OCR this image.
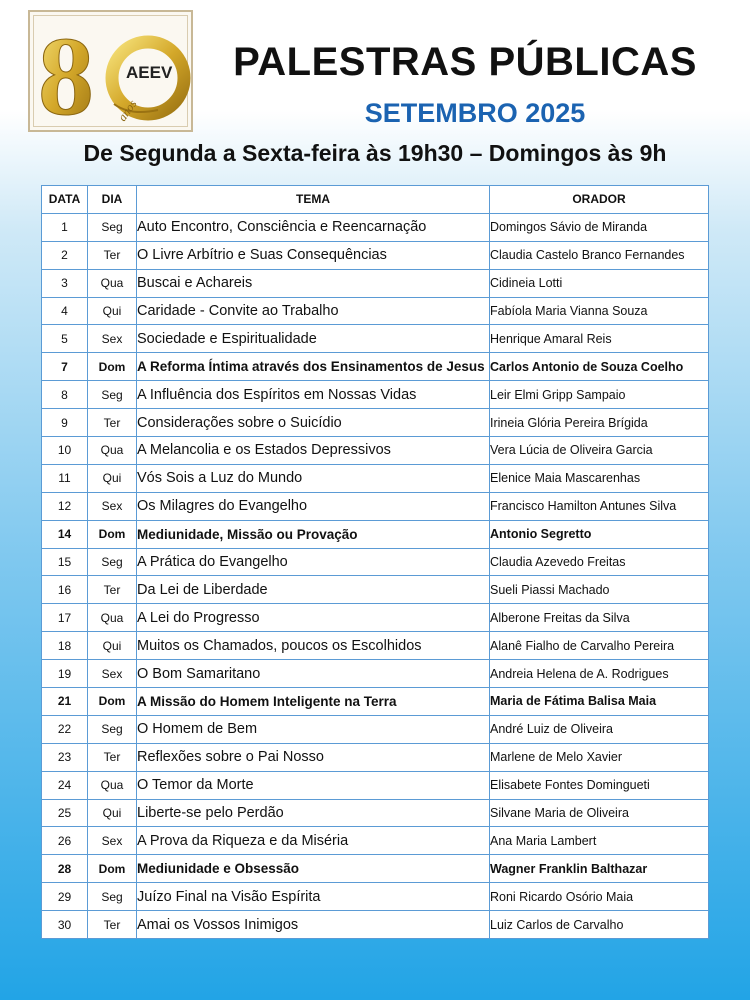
8 AEEV
anos
PALESTRAS PÚBLICAS
SETEMBRO 2025
De Segunda a Sexta-feira às 19h30 – Domingos às 9h
DATA	DIA	TEMA	ORADOR
1	Seg	Auto Encontro, Consciência e Reencarnação	Domingos Sávio de Miranda
2	Ter	O Livre Arbítrio e Suas Consequências	Claudia Castelo Branco Fernandes
3	Qua	Buscai e Achareis	Cidineia Lotti
4	Qui	Caridade - Convite ao Trabalho	Fabíola Maria Vianna Souza
5	Sex	Sociedade e Espiritualidade	Henrique Amaral Reis
7	Dom	A Reforma Íntima através dos Ensinamentos de Jesus	Carlos Antonio de Souza Coelho
8	Seg	A Influência dos Espíritos em Nossas Vidas	Leir Elmi Gripp Sampaio
9	Ter	Considerações sobre o Suicídio	Irineia Glória Pereira Brígida
10	Qua	A Melancolia e os Estados Depressivos	Vera Lúcia de Oliveira Garcia
11	Qui	Vós Sois a Luz do Mundo	Elenice Maia Mascarenhas
12	Sex	Os Milagres do Evangelho	Francisco Hamilton Antunes Silva
14	Dom	Mediunidade, Missão ou Provação	Antonio Segretto
15	Seg	A Prática do Evangelho	Claudia Azevedo Freitas
16	Ter	Da Lei de Liberdade	Sueli Piassi Machado
17	Qua	A Lei do Progresso	Alberone Freitas da Silva
18	Qui	Muitos os Chamados, poucos os Escolhidos	Alanê Fialho de Carvalho Pereira
19	Sex	O Bom Samaritano	Andreia Helena de A. Rodrigues
21	Dom	A Missão do Homem Inteligente na Terra	Maria de Fátima Balisa Maia
22	Seg	O Homem de Bem	André Luiz de Oliveira
23	Ter	Reflexões sobre o Pai Nosso	Marlene de Melo Xavier
24	Qua	O Temor da Morte	Elisabete Fontes Domingueti
25	Qui	Liberte-se pelo Perdão	Silvane Maria de Oliveira
26	Sex	A Prova da Riqueza e da Miséria	Ana Maria Lambert
28	Dom	Mediunidade e Obsessão	Wagner Franklin Balthazar
29	Seg	Juízo Final na Visão Espírita	Roni Ricardo Osório Maia
30	Ter	Amai os Vossos Inimigos	Luiz Carlos de Carvalho
